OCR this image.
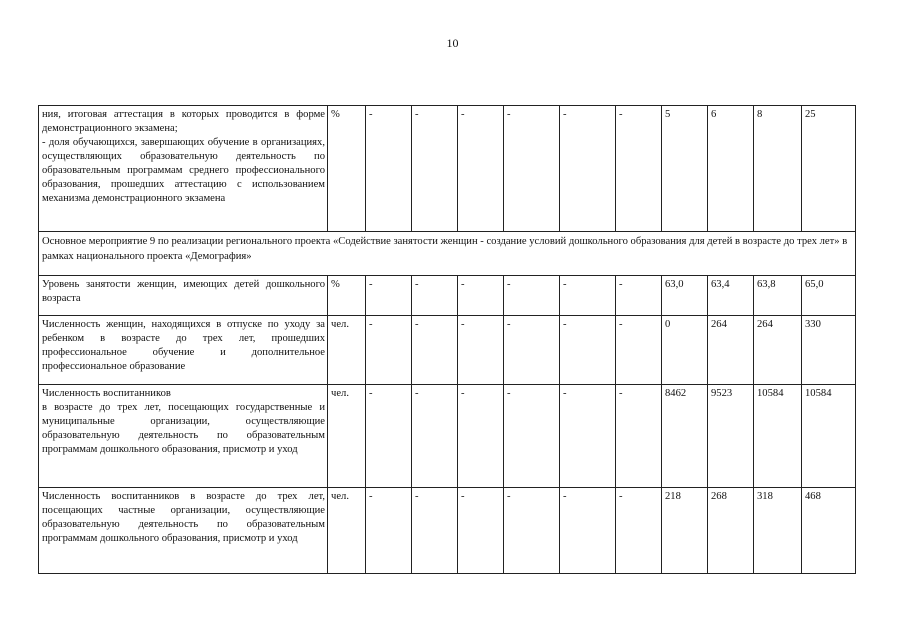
10
ния, итоговая аттестация в которых проводится в форме демонстрационного экзамена;
- доля обучающихся, завершающих обучение в организациях, осуществляющих образовательную деятельность по образовательным программам среднего профессионального образования, прошедших аттестацию с использованием механизма демонстрационного экзамена	%	-	-	-	-	-	-	5	6	8	25
Основное мероприятие 9 по реализации регионального проекта «Содействие занятости женщин - создание условий дошкольного образования для детей в возрасте до трех лет» в рамках национального проекта «Демография»											
Уровень занятости женщин, имеющих детей дошкольного возраста	%	-	-	-	-	-	-	63,0	63,4	63,8	65,0
Численность женщин, находящихся в отпуске по уходу за ребенком в возрасте до трех лет, прошедших профессиональное обучение и дополнительное профессиональное образование	чел.	-	-	-	-	-	-	0	264	264	330
Численность воспитанников
в возрасте до трех лет, посещающих государственные и муниципальные организации, осуществляющие образовательную деятельность по образовательным программам дошкольного образования, присмотр и уход	чел.	-	-	-	-	-	-	8462	9523	10584	10584
Численность воспитанников в возрасте до трех лет, посещающих частные организации, осуществляющие образовательную деятельность по образовательным программам дошкольного образования, присмотр и уход	чел.	-	-	-	-	-	-	218	268	318	468
